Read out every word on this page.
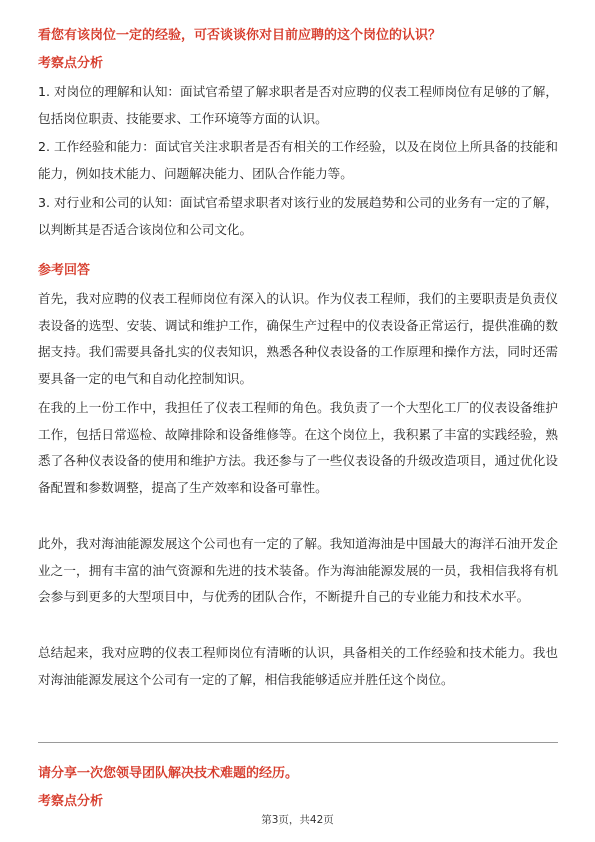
看您有该岗位一定的经验，可否谈谈你对目前应聘的这个岗位的认识？
考察点分析
1. 对岗位的理解和认知：面试官希望了解求职者是否对应聘的仪表工程师岗位有足够的了解，包括岗位职责、技能要求、工作环境等方面的认识。
2. 工作经验和能力：面试官关注求职者是否有相关的工作经验，以及在岗位上所具备的技能和能力，例如技术能力、问题解决能力、团队合作能力等。
3. 对行业和公司的认知：面试官希望求职者对该行业的发展趋势和公司的业务有一定的了解，以判断其是否适合该岗位和公司文化。
参考回答
首先，我对应聘的仪表工程师岗位有深入的认识。作为仪表工程师，我们的主要职责是负责仪表设备的选型、安装、调试和维护工作，确保生产过程中的仪表设备正常运行，提供准确的数据支持。我们需要具备扎实的仪表知识，熟悉各种仪表设备的工作原理和操作方法，同时还需要具备一定的电气和自动化控制知识。
在我的上一份工作中，我担任了仪表工程师的角色。我负责了一个大型化工厂的仪表设备维护工作，包括日常巡检、故障排除和设备维修等。在这个岗位上，我积累了丰富的实践经验，熟悉了各种仪表设备的使用和维护方法。我还参与了一些仪表设备的升级改造项目，通过优化设备配置和参数调整，提高了生产效率和设备可靠性。
此外，我对海油能源发展这个公司也有一定的了解。我知道海油是中国最大的海洋石油开发企业之一，拥有丰富的油气资源和先进的技术装备。作为海油能源发展的一员，我相信我将有机会参与到更多的大型项目中，与优秀的团队合作，不断提升自己的专业能力和技术水平。
总结起来，我对应聘的仪表工程师岗位有清晰的认识，具备相关的工作经验和技术能力。我也对海油能源发展这个公司有一定的了解，相信我能够适应并胜任这个岗位。
请分享一次您领导团队解决技术难题的经历。
考察点分析
第3页，共42页
